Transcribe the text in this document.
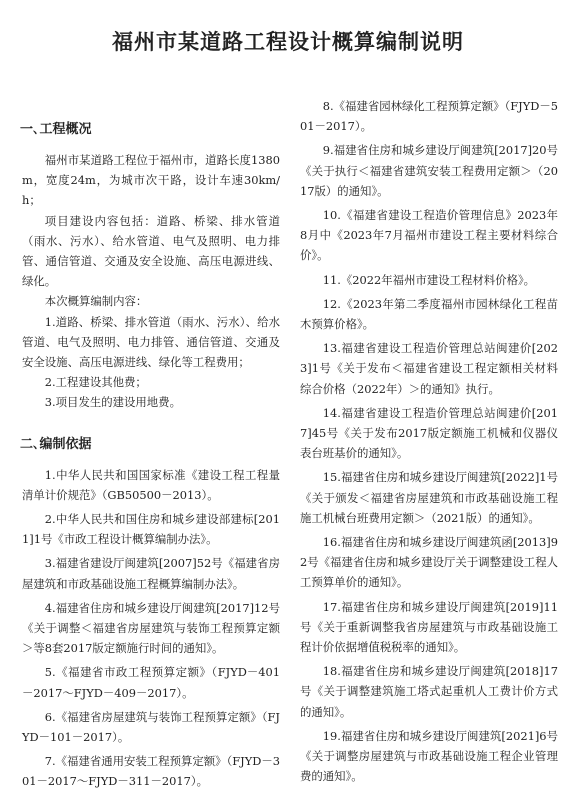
福州市某道路工程设计概算编制说明
一､工程概况

福州市某道路工程位于福州市，道路长度1380m，宽度24m，为城市次干路，设计车速30km/h；

项目建设内容包括：道路、桥梁、排水管道（雨水、污水）、给水管道、电气及照明、电力排管、通信管道、交通及安全设施、高压电源进线、绿化。

本次概算编制内容：

1.道路、桥梁、排水管道（雨水、污水）、给水管道、电气及照明、电力排管、通信管道、交通及安全设施、高压电源进线、绿化等工程费用；

2.工程建设其他费；

3.项目发生的建设用地费。

二､编制依据

1.中华人民共和国国家标准《建设工程工程量清单计价规范》（GB50500－2013）。

2.中华人民共和国住房和城乡建设部建标[2011]1号《市政工程设计概算编制办法》。

3.福建省建设厅闽建筑[2007]52号《福建省房屋建筑和市政基础设施工程概算编制办法》。

4.福建省住房和城乡建设厅闽建筑[2017]12号《关于调整＜福建省房屋建筑与装饰工程预算定额＞等8套2017版定额施行时间的通知》。

5.《福建省市政工程预算定额》（FJYD－401－2017～FJYD－409－2017）。

6.《福建省房屋建筑与装饰工程预算定额》（FJYD－101－2017）。

7.《福建省通用安装工程预算定额》（FJYD－301－2017～FJYD－311－2017）。

8.《福建省园林绿化工程预算定额》（FJYD－501－2017）。

9.福建省住房和城乡建设厅闽建筑[2017]20号《关于执行＜福建省建筑安装工程费用定额＞（2017版）的通知》。

10.《福建省建设工程造价管理信息》2023年8月中《2023年7月福州市建设工程主要材料综合价》。

11.《2022年福州市建设工程材料价格》。

12.《2023年第二季度福州市园林绿化工程苗木预算价格》。

13.福建省建设工程造价管理总站闽建价[2023]1号《关于发布＜福建省建设工程定额相关材料综合价格（2022年）＞的通知》执行。

14.福建省建设工程造价管理总站闽建价[2017]45号《关于发布2017版定额施工机械和仪器仪表台班基价的通知》。

15.福建省住房和城乡建设厅闽建筑[2022]1号《关于颁发＜福建省房屋建筑和市政基础设施工程施工机械台班费用定额＞（2021版）的通知》。

16.福建省住房和城乡建设厅闽建筑函[2013]92号《福建省住房和城乡建设厅关于调整建设工程人工预算单价的通知》。

17.福建省住房和城乡建设厅闽建筑[2019]11号《关于重新调整我省房屋建筑与市政基础设施工程计价依据增值税税率的通知》。

18.福建省住房和城乡建设厅闽建筑[2018]17号《关于调整建筑施工塔式起重机人工费计价方式的通知》。

19.福建省住房和城乡建设厅闽建筑[2021]6号《关于调整房屋建筑与市政基础设施工程企业管理费的通知》。
